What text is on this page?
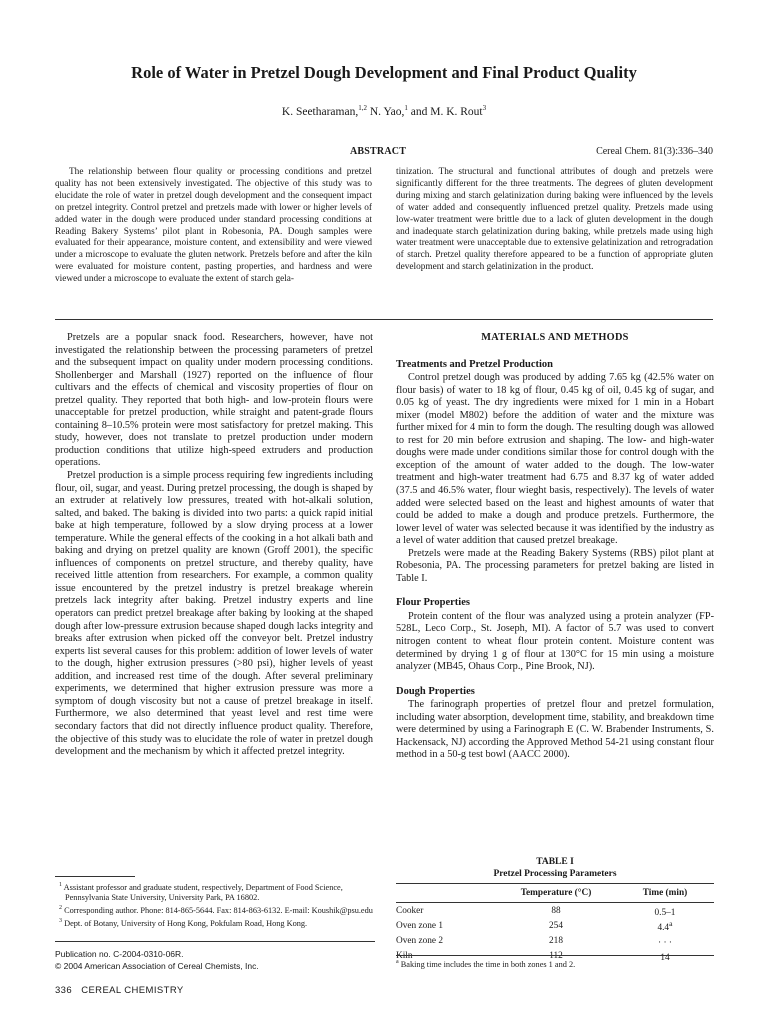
Role of Water in Pretzel Dough Development and Final Product Quality
K. Seetharaman,$^{1,2}$ N. Yao,$^1$ and M. K. Rout$^3$
ABSTRACT	Cereal Chem. 81(3):336–340

The relationship between flour quality or processing conditions and pretzel quality has not been extensively investigated. The objective of this study was to elucidate the role of water in pretzel dough development and the consequent impact on pretzel integrity. Control pretzel and pretzels made with lower or higher levels of added water in the dough were produced under standard processing conditions at Reading Bakery Systems’ pilot plant in Robesonia, PA. Dough samples were evaluated for their appearance, moisture content, and extensibility and were viewed under a microscope to evaluate the gluten network. Pretzels before and after the kiln were evaluated for moisture content, pasting properties, and hardness and were viewed under a microscope to evaluate the extent of starch gela-

tinization. The structural and functional attributes of dough and pretzels were significantly different for the three treatments. The degrees of gluten development during mixing and starch gelatinization during baking were influenced by the levels of water added and consequently influenced pretzel quality. Pretzels made using low-water treatment were brittle due to a lack of gluten development in the dough and inadequate starch gelatinization during baking, while pretzels made using high water treatment were unacceptable due to extensive gelatinization and retrogradation of starch. Pretzel quality therefore appeared to be a function of appropriate gluten development and starch gelatinization in the product.

Pretzels are a popular snack food. Researchers, however, have not investigated the relationship between the processing parameters of pretzel and the subsequent impact on quality under modern processing conditions. Shollenberger and Marshall (1927) reported on the influence of flour cultivars and the effects of chemical and viscosity properties of flour on pretzel quality. They reported that both high- and low-protein flours were unacceptable for pretzel production, while straight and patent-grade flours containing 8–10.5% protein were most satisfactory for pretzel making. This study, however, does not translate to pretzel production under modern production conditions that utilize high-speed extruders and production operations.

Pretzel production is a simple process requiring few ingredients including flour, oil, sugar, and yeast. During pretzel processing, the dough is shaped by an extruder at relatively low pressures, treated with hot-alkali solution, salted, and baked. The baking is divided into two parts: a quick rapid initial bake at high temperature, followed by a slow drying process at a lower temperature. While the general effects of the cooking in a hot alkali bath and baking and drying on pretzel quality are known (Groff 2001), the specific influences of components on pretzel structure, and thereby quality, have received little attention from researchers. For example, a common quality issue encountered by the pretzel industry is pretzel breakage wherein pretzels lack integrity after baking. Pretzel industry experts and line operators can predict pretzel breakage after baking by looking at the shaped dough after low-pressure extrusion because shaped dough lacks integrity and breaks after extrusion when picked off the conveyor belt. Pretzel industry experts list several causes for this problem: addition of lower levels of water to the dough, higher extrusion pressures (>80 psi), higher levels of yeast addition, and increased rest time of the dough. After several preliminary experiments, we determined that higher extrusion pressure was more a symptom of dough viscosity but not a cause of pretzel breakage in itself. Furthermore, we also determined that yeast level and rest time were secondary factors that did not directly influence product quality. Therefore, the objective of this study was to elucidate the role of water in pretzel dough development and the mechanism by which it affected pretzel integrity.

MATERIALS AND METHODS
Treatments and Pretzel Production

Control pretzel dough was produced by adding 7.65 kg (42.5% water on flour basis) of water to 18 kg of flour, 0.45 kg of oil, 0.45 kg of sugar, and 0.05 kg of yeast. The dry ingredients were mixed for 1 min in a Hobart mixer (model M802) before the addition of water and the mixture was further mixed for 4 min to form the dough. The resulting dough was allowed to rest for 20 min before extrusion and shaping. The low- and high-water doughs were made under conditions similar those for control dough with the exception of the amount of water added to the dough. The low-water treatment and high-water treatment had 6.75 and 8.37 kg of water added (37.5 and 46.5% water, flour wieght basis, respectively). The levels of water added were selected based on the least and highest amounts of water that could be added to make a dough and produce pretzels. Furthermore, the lower level of water was selected because it was identified by the industry as a level of water addition that caused pretzel breakage.

Pretzels were made at the Reading Bakery Systems (RBS) pilot plant at Robesonia, PA. The processing parameters for pretzel baking are listed in Table I.

Flour Properties

Protein content of the flour was analyzed using a protein analyzer (FP-528L, Leco Corp., St. Joseph, MI). A factor of 5.7 was used to convert nitrogen content to wheat flour protein content. Moisture content was determined by drying 1 g of flour at 130°C for 15 min using a moisture analyzer (MB45, Ohaus Corp., Pine Brook, NJ).

Dough Properties

The farinograph properties of pretzel flour and pretzel formulation, including water absorption, development time, stability, and breakdown time were determined by using a Farinograph E (C. W. Brabender Instruments, S. Hackensack, NJ) according the Approved Method 54-21 using constant flour method in a 50-g test bowl (AACC 2000).

$^1$ Assistant professor and graduate student, respectively, Department of Food Science, Pennsylvania State University, University Park, PA 16802.

$^2$ Corresponding author. Phone: 814-865-5644. Fax: 814-863-6132. E-mail: Koushik@psu.edu

$^3$ Dept. of Botany, University of Hong Kong, Pokfulam Road, Hong Kong.

Publication no. C-2004-0310-06R.
© 2004 American Association of Cereal Chemists, Inc.
336 CEREAL CHEMISTRY
TABLE I
Pretzel Processing Parameters
	Temperature (°C)	Time (min)
Cooker	88	0.5–1
Oven zone 1	254	4.4$^a$
Oven zone 2	218	· · ·
Kiln	112	14
$^a$ Baking time includes the time in both zones 1 and 2.
